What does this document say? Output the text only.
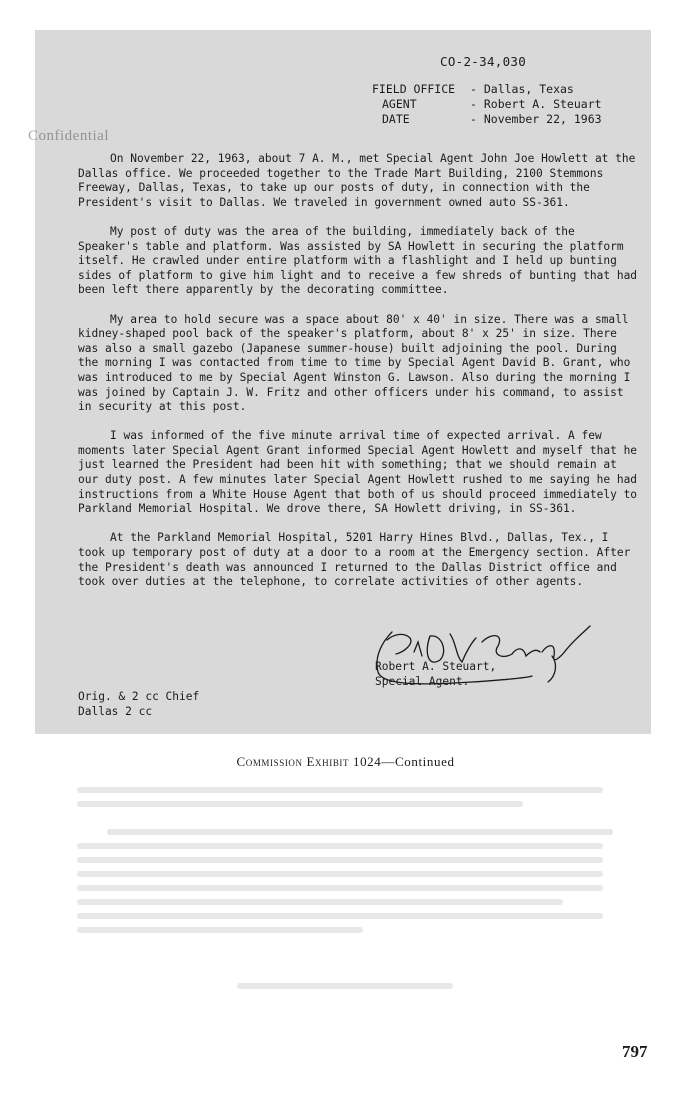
CO-2-34,030
FIELD OFFICE	- Dallas, Texas
AGENT	- Robert A. Steuart
DATE	- November 22, 1963
Confidential

On November 22, 1963, about 7 A. M., met Special Agent John Joe Howlett at the Dallas office. We proceeded together to the Trade Mart Building, 2100 Stemmons Freeway, Dallas, Texas, to take up our posts of duty, in connection with the President's visit to Dallas. We traveled in government owned auto SS-361.

My post of duty was the area of the building, immediately back of the Speaker's table and platform. Was assisted by SA Howlett in securing the platform itself. He crawled under entire platform with a flashlight and I held up bunting sides of platform to give him light and to receive a few shreds of bunting that had been left there apparently by the decorating committee.

My area to hold secure was a space about 80' x 40' in size. There was a small kidney-shaped pool back of the speaker's platform, about 8' x 25' in size. There was also a small gazebo (Japanese summer-house) built adjoining the pool. During the morning I was contacted from time to time by Special Agent David B. Grant, who was introduced to me by Special Agent Winston G. Lawson. Also during the morning I was joined by Captain J. W. Fritz and other officers under his command, to assist in security at this post.

I was informed of the five minute arrival time of expected arrival. A few moments later Special Agent Grant informed Special Agent Howlett and myself that he just learned the President had been hit with something; that we should remain at our duty post. A few minutes later Special Agent Howlett rushed to me saying he had instructions from a White House Agent that both of us should proceed immediately to Parkland Memorial Hospital. We drove there, SA Howlett driving, in SS-361.

At the Parkland Memorial Hospital, 5201 Harry Hines Blvd., Dallas, Tex., I took up temporary post of duty at a door to a room at the Emergency section. After the President's death was announced I returned to the Dallas District office and took over duties at the telephone, to correlate activities of other agents.

Robert A. Steuart,
Special Agent.
Orig. & 2 cc Chief
Dallas 2 cc
Commission Exhibit 1024—Continued
797
